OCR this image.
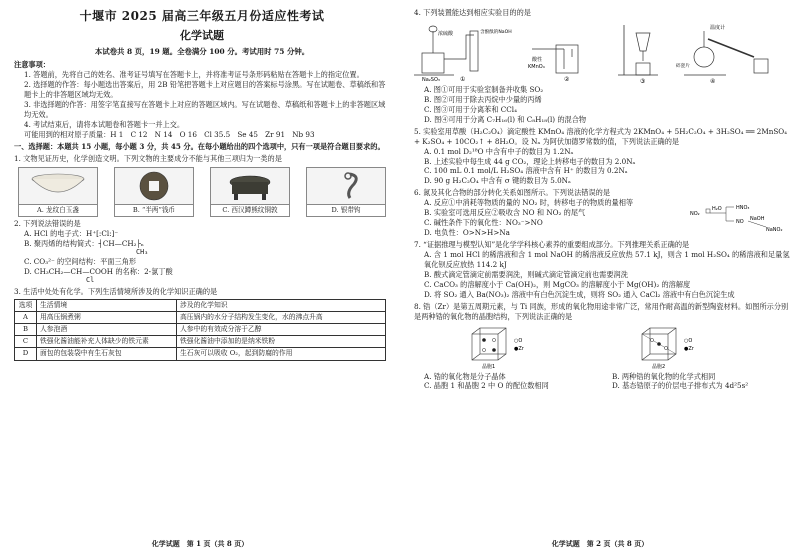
十堰市 2025 届高三年级五月份适应性考试
化学试题
本试卷共 8 页，19 题。全卷满分 100 分。考试用时 75 分钟。

注意事项：

1. 答题前，先将自己的姓名、准考证号填写在答题卡上，并将准考证号条形码粘贴在答题卡上的指定位置。

2. 选择题的作答：每小题选出答案后，用 2B 铅笔把答题卡上对应题目的答案标号涂黑。写在试题卷、草稿纸和答题卡上的非答题区域均无效。

3. 非选择题的作答：用签字笔直接写在答题卡上对应的答题区域内。写在试题卷、草稿纸和答题卡上的非答题区域均无效。

4. 考试结束后，请将本试题卷和答题卡一并上交。

可能用到的相对原子质量：H 1　C 12　N 14　O 16　Cl 35.5　Se 45　Zr 91　Nb 93

一、选择题：本题共 15 小题，每小题 3 分，共 45 分。在每小题给出的四个选项中，只有一项是符合题目要求的。

1. 文物见证历史，化学创造文明。下列文物的主要成分不能与其他三项归为一类的是

A. 龙纹白玉盏	B. “半两”钱币	C. 西汉蹲熊纹铜敦	D. 银带钩

2. 下列说法错误的是

A. HCl 的电子式：H⁺[:Cl:]⁻

B. 聚丙烯的结构简式：┤CH—CH₂├ₙ
CH₃

C. CO₃²⁻ 的空间结构：平面三角形

D. CH₃CH₂—CH—COOH 的名称：2-氯丁酸

Cl

3. 生活中处处有化学。下列生活情境所涉及的化学知识正确的是

选项	生活情境	涉及的化学知识
A	用高压锅煮粥	高压锅内的水分子结构发生变化，水的沸点升高
B	人参泡酒	人参中的有效成分溶于乙醇
C	铁强化酱油能补充人体缺少的铁元素	铁强化酱油中添加的是纳米铁粉
D	面包的包装袋中有生石灰包	生石灰可以吸收 O₂，起到防腐的作用
化学试题　第 1 页（共 8 页）

4. 下列装置能达到相应实验目的的是

浓硫酸	含酚酞的NaOH
Na₂SO₃	①
酸性
KMnO₄
②	③
温度计
碎瓷片
④

A. 图①可用于实验室制备并收集 SO₂

B. 图②可用于除去丙烷中少量的丙烯

C. 图③可用于分离苯和 CCl₄

D. 图④可用于分离 C₇H₁₆(l) 和 C₈H₁₈(l) 的混合物

5. 实验室用草酸（H₂C₂O₄）滴定酸性 KMnO₄ 溶液的化学方程式为 2KMnO₄ + 5H₂C₂O₄ + 3H₂SO₄ ══ 2MnSO₄ + K₂SO₄ + 10CO₂↑ + 8H₂O。设 Nₐ 为阿伏加德罗常数的值，下列说法正确的是

A. 0.1 mol D₂¹⁸O 中含有中子的数目为 1.2Nₐ

B. 上述实验中每生成 44 g CO₂，理论上转移电子的数目为 2.0Nₐ

C. 100 mL 0.1 mol/L H₂SO₄ 溶液中含有 H⁺ 的数目为 0.2Nₐ

D. 90 g H₂C₂O₄ 中含有 σ 键的数目为 5.0Nₐ

6. 氮及其化合物的部分转化关系如图所示。下列说法错误的是

A. 反应①中消耗等物质的量的 NO₂ 时，转移电子的物质的量相等

B. 实验室可选用反应②吸收含 NO 和 NO₂ 的尾气

C. 碱性条件下的氧化性：NO₃⁻>NO

D. 电负性：O>N>H>Na

NO₂
H₂O	HNO₃
NO NaOH
NaNO₂

7. “证据推理与模型认知”是化学学科核心素养的重要组成部分。下列推理关系正确的是

A. 含 1 mol HCl 的稀溶液和含 1 mol NaOH 的稀溶液反应放热 57.1 kJ，则含 1 mol H₂SO₄ 的稀溶液和足量氢氧化钡反应放热 114.2 kJ

B. 酸式滴定管滴定前需要润洗，则碱式滴定管滴定前也需要润洗

C. CaCO₃ 的溶解度小于 Ca(OH)₂，则 MgCO₃ 的溶解度小于 Mg(OH)₂ 的溶解度

D. 将 SO₂ 通入 Ba(NO₃)₂ 溶液中有白色沉淀生成，则将 SO₂ 通入 CaCl₂ 溶液中有白色沉淀生成

8. 锆（Zr）是第五周期元素，与 Ti 同族，形成的氧化物用途非常广泛，常用作耐高温的新型陶瓷材料。如图所示分别是两种锆的氧化物的晶胞结构，下列说法正确的是

○O
●Zr
晶胞1
○O
●Zr
晶胞2

A. 锆的氧化物是分子晶体	B. 两种锆的氧化物的化学式相同

C. 晶胞 1 和晶胞 2 中 O 的配位数相同	D. 基态锆原子的价层电子排布式为 4d²5s²

化学试题　第 2 页（共 8 页）
